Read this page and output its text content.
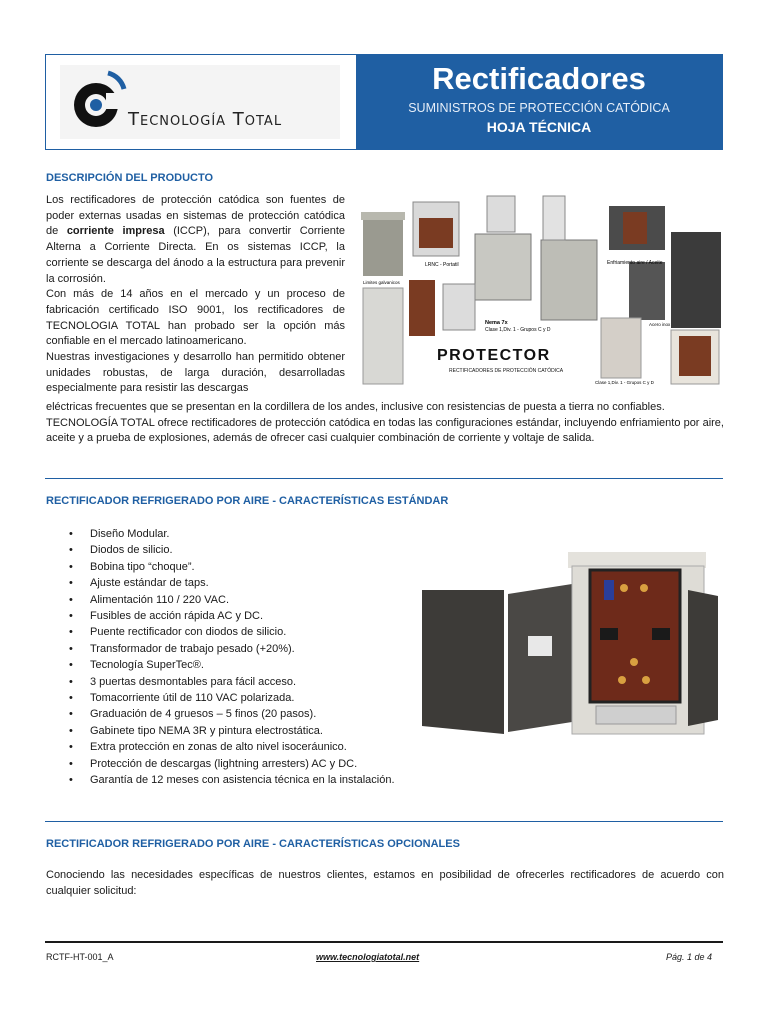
Tecnología Total
Rectificadores
SUMINISTROS DE PROTECCIÓN CATÓDICA
HOJA TÉCNICA
DESCRIPCIÓN DEL PRODUCTO

Los rectificadores de protección catódica son fuentes de poder externas usadas en sistemas de protección catódica de corriente impresa (ICCP), para convertir Corriente Alterna a Corriente Directa. En os sistemas ICCP, la corriente se descarga del ánodo a la estructura para prevenir la corrosión.

Con más de 14 años en el mercado y un proceso de fabricación certificado ISO 9001, los rectificadores de TECNOLOGIA TOTAL han probado ser la opción más confiable en el mercado latinoamericano.

Nuestras investigaciones y desarrollo han permitido obtener unidades robustas, de larga duración, desarrolladas especialmente para resistir las descargas

eléctricas frecuentes que se presentan en la cordillera de los andes, inclusive con resistencias de puesta a tierra no confiables.

TECNOLOGÍA TOTAL ofrece rectificadores de protección catódica en todas las configuraciones estándar, incluyendo enfriamiento por aire, aceite y a prueba de explosiones, además de ofrecer casi cualquier combinación de corriente y voltaje de salida.

LRNC - Portatil	Enfriamiento aire / Aceite
Limites galvanicos
Nema 7x
Clase 1,Div. 1 - Grupos C y D
Acero inox
Clase 1,Div. 1 - Grupos C y D
PROTECTOR
RECTIFICADORES DE PROTECCIÓN CATÓDICA
RECTIFICADOR REFRIGERADO POR AIRE - CARACTERÍSTICAS ESTÁNDAR
• Diseño Modular.
• Diodos de silicio.
• Bobina tipo “choque”.
• Ajuste estándar de taps.
• Alimentación 110 / 220 VAC.
• Fusibles de acción rápida AC y DC.
• Puente rectificador con diodos de silicio.
• Transformador de trabajo pesado (+20%).
• Tecnología SuperTec®.
• 3 puertas desmontables para fácil acceso.
• Tomacorriente útil de 110 VAC polarizada.
• Graduación de 4 gruesos – 5 finos (20 pasos).
• Gabinete tipo NEMA 3R y pintura electrostática.
• Extra protección en zonas de alto nivel isoceráunico.
• Protección de descargas (lightning arresters) AC y DC.
• Garantía de 12 meses con asistencia técnica en la instalación.
RECTIFICADOR REFRIGERADO POR AIRE - CARACTERÍSTICAS OPCIONALES
Conociendo las necesidades específicas de nuestros clientes, estamos en posibilidad de ofrecerles rectificadores de acuerdo con cualquier solicitud:
RCTF-HT-001_A	www.tecnologiatotal.net	Pág. 1 de 4
